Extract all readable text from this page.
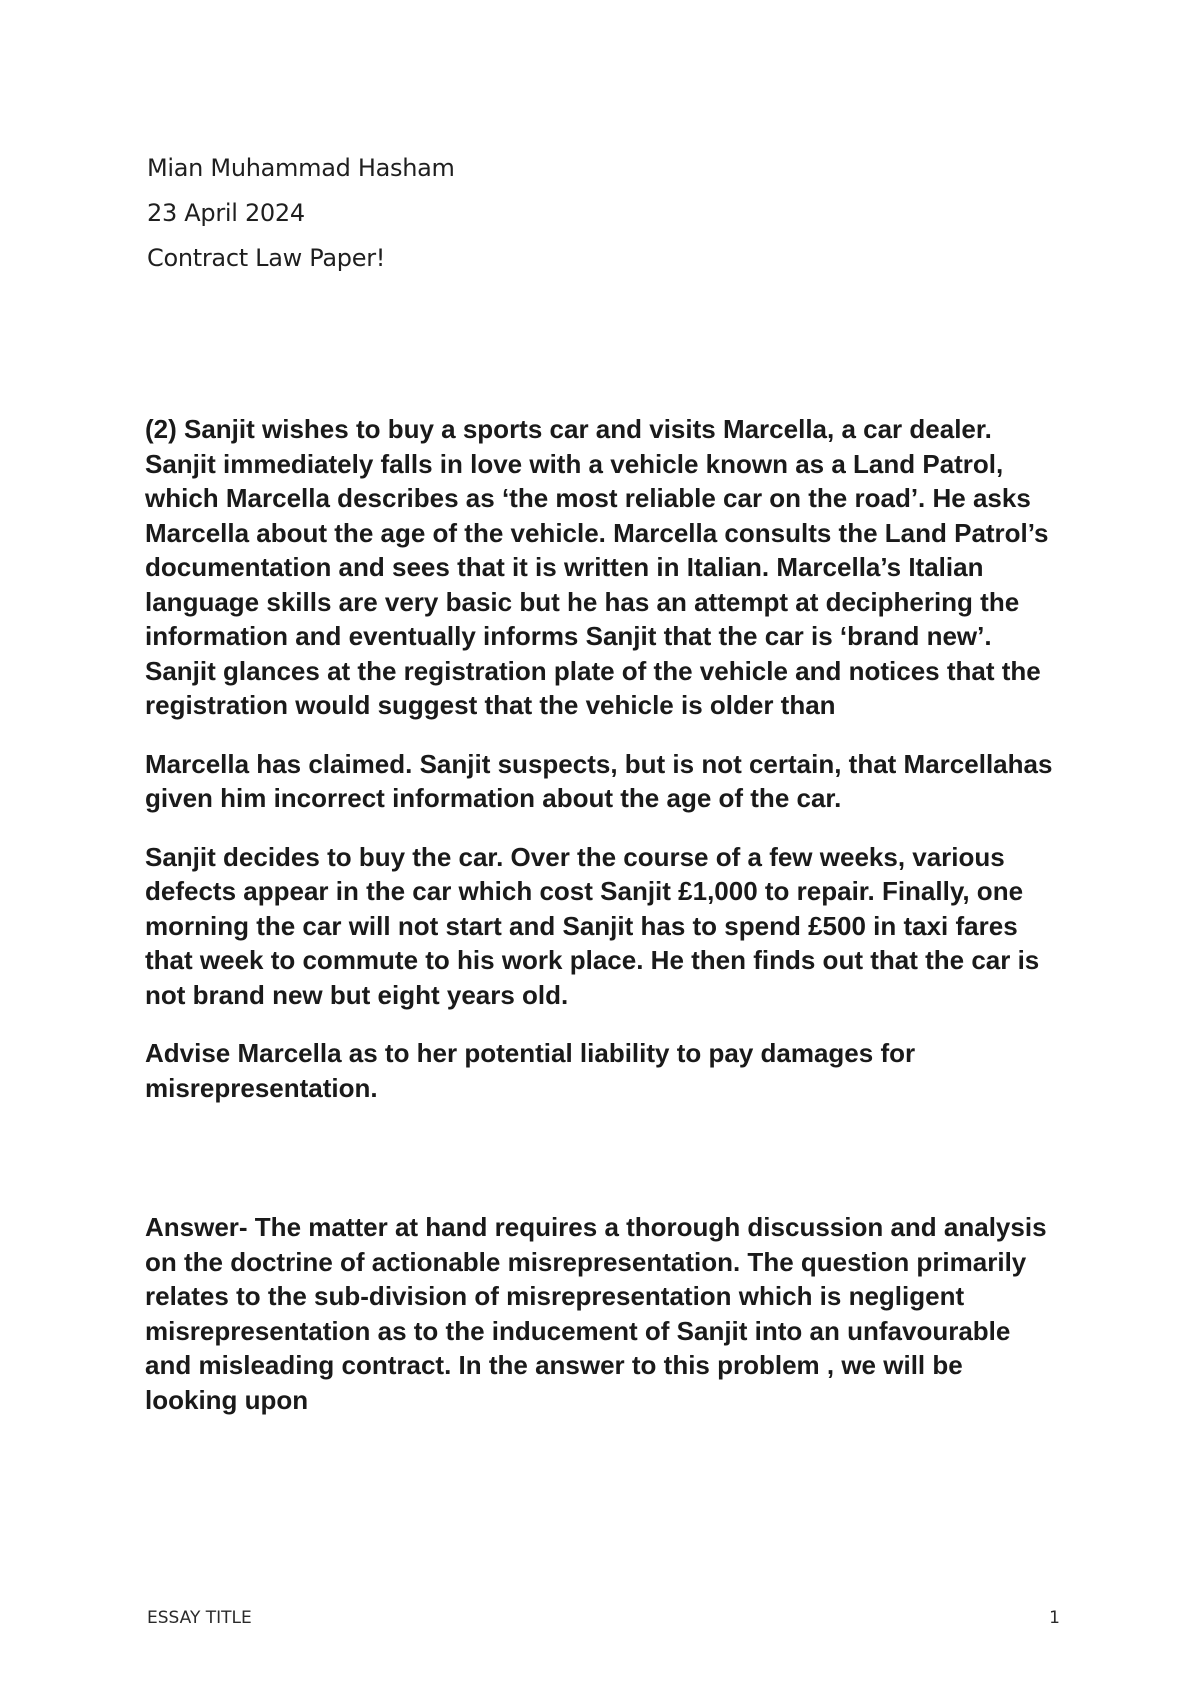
Mian Muhammad Hasham
23 April 2024
Contract Law Paper!

(2) Sanjit wishes to buy a sports car and visits Marcella, a car dealer. Sanjit immediately falls in love with a vehicle known as a Land Patrol, which Marcella describes as ‘the most reliable car on the road’. He asks Marcella about the age of the vehicle. Marcella consults the Land Patrol’s documentation and sees that it is written in Italian. Marcella’s Italian language skills are very basic but he has an attempt at deciphering the information and eventually informs Sanjit that the car is ‘brand new’. Sanjit glances at the registration plate of the vehicle and notices that the registration would suggest that the vehicle is older than

Marcella has claimed. Sanjit suspects, but is not certain, that Marcellahas given him incorrect information about the age of the car.

Sanjit decides to buy the car. Over the course of a few weeks, various defects appear in the car which cost Sanjit £1,000 to repair. Finally, one morning the car will not start and Sanjit has to spend £500 in taxi fares that week to commute to his work place. He then finds out that the car is not brand new but eight years old.

Advise Marcella as to her potential liability to pay damages for misrepresentation.

Answer- The matter at hand requires a thorough discussion and analysis on the doctrine of actionable misrepresentation. The question primarily relates to the sub-division of misrepresentation which is negligent misrepresentation as to the inducement of Sanjit into an unfavourable and misleading contract. In the answer to this problem , we will be looking upon

ESSAY TITLE	1
